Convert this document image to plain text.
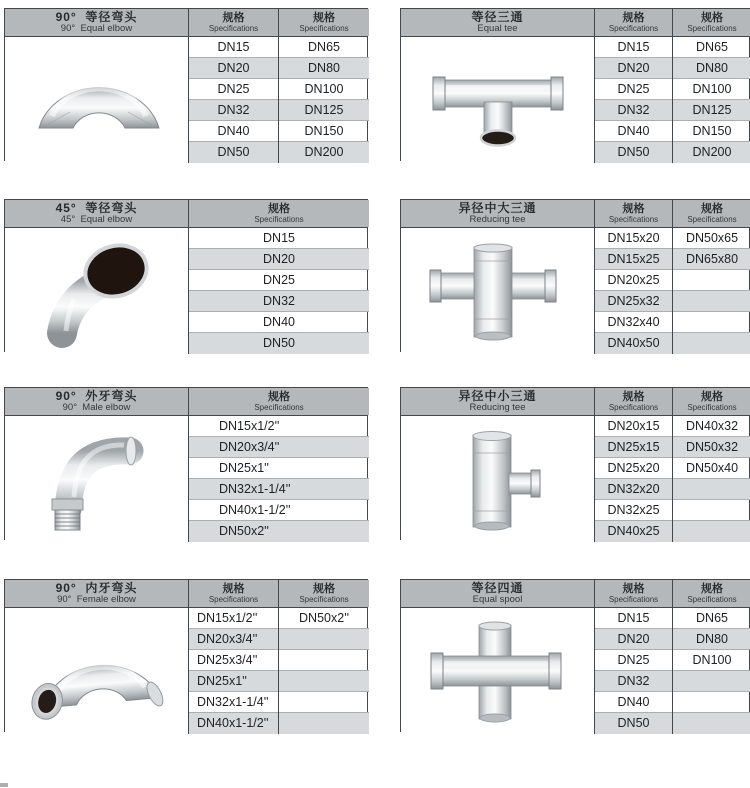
90°  等径弯头
90°  Equal elbow
规格
Specifications
规格
Specifications
DN15
DN20
DN25
DN32
DN40
DN50
DN65
DN80
DN100
DN125
DN150
DN200
等径三通
Equal tee
规格
Specifications
规格
Specifications
DN15
DN20
DN25
DN32
DN40
DN50
DN65
DN80
DN100
DN125
DN150
DN200
45°  等径弯头
45°  Equal elbow
规格
Specifications
DN15
DN20
DN25
DN32
DN40
DN50
异径中大三通
Reducing tee
规格
Specifications
规格
Specifications
DN15x20
DN15x25
DN20x25
DN25x32
DN32x40
DN40x50
DN50x65
DN65x80
90°  外牙弯头
90°  Male elbow
规格
Specifications
DN15x1/2''
DN20x3/4''
DN25x1''
DN32x1-1/4''
DN40x1-1/2''
DN50x2''
异径中小三通
Reducing tee
规格
Specifications
规格
Specifications
DN20x15
DN25x15
DN25x20
DN32x20
DN32x25
DN40x25
DN40x32
DN50x32
DN50x40
90°  内牙弯头
90°  Female elbow
规格
Specifications
规格
Specifications
DN15x1/2''
DN20x3/4''
DN25x3/4''
DN25x1''
DN32x1-1/4''
DN40x1-1/2''
DN50x2''
等径四通
Equal spool
规格
Specifications
规格
Specifications
DN15
DN20
DN25
DN32
DN40
DN50
DN65
DN80
DN100
